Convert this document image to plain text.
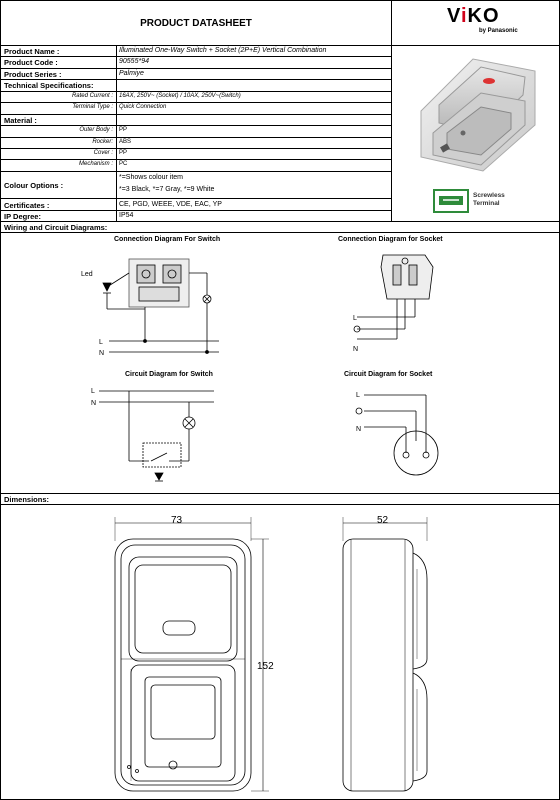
PRODUCT DATASHEET	ViKO
by Panasonic
Product Name :	Illuminated One-Way Switch + Socket (2P+E) Vertical Combination
Product Code :	90555*94
Product Series :	Palmiye
Technical Specifications:
Rated Current : 16AX, 250V~ (Socket) / 10AX, 250V~(Switch)
Terminal Type : Quick Connection
Material :
Outer Body : PP
Rocker: ABS
Cover : PP
Mechanism : PC
Colour Options :
*=Shows colour item
*=3 Black, *=7 Gray, *=9 White
Certificates :	CE, PGD, WEEE, VDE, EAC, YP
IP Degree:	IP54
Screwless
Terminal
Wiring and Circuit Diagrams:
Connection Diagram For Switch	Connection Diagram for Socket
Circuit Diagram for Switch	Circuit Diagram for Socket
Led
L
N
L
N
L
N
L
N
Dimensions:
73
152
52
